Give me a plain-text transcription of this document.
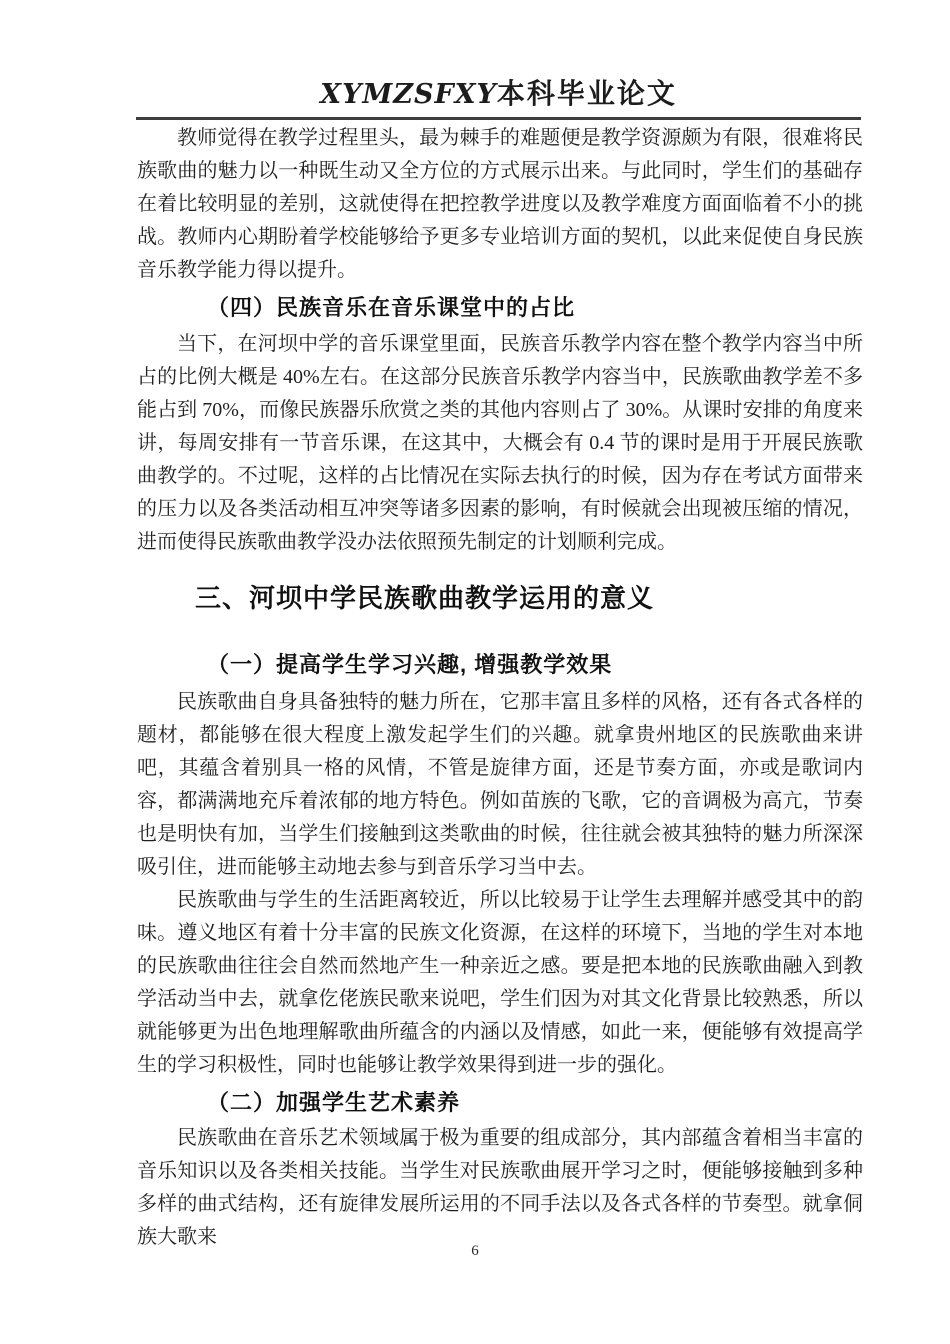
XYMZSFXY本科毕业论文

教师觉得在教学过程里头，最为棘手的难题便是教学资源颇为有限，很难将民族歌曲的魅力以一种既生动又全方位的方式展示出来。与此同时，学生们的基础存在着比较明显的差别，这就使得在把控教学进度以及教学难度方面面临着不小的挑战。教师内心期盼着学校能够给予更多专业培训方面的契机，以此来促使自身民族音乐教学能力得以提升。

（四）民族音乐在音乐课堂中的占比

当下，在河坝中学的音乐课堂里面，民族音乐教学内容在整个教学内容当中所占的比例大概是 40%左右。在这部分民族音乐教学内容当中，民族歌曲教学差不多能占到 70%，而像民族器乐欣赏之类的其他内容则占了 30%。从课时安排的角度来讲，每周安排有一节音乐课，在这其中，大概会有 0.4 节的课时是用于开展民族歌曲教学的。不过呢，这样的占比情况在实际去执行的时候，因为存在考试方面带来的压力以及各类活动相互冲突等诸多因素的影响，有时候就会出现被压缩的情况，进而使得民族歌曲教学没办法依照预先制定的计划顺利完成。

三、河坝中学民族歌曲教学运用的意义
（一）提高学生学习兴趣, 增强教学效果

民族歌曲自身具备独特的魅力所在，它那丰富且多样的风格，还有各式各样的题材，都能够在很大程度上激发起学生们的兴趣。就拿贵州地区的民族歌曲来讲吧，其蕴含着别具一格的风情，不管是旋律方面，还是节奏方面，亦或是歌词内容，都满满地充斥着浓郁的地方特色。例如苗族的飞歌，它的音调极为高亢，节奏也是明快有加，当学生们接触到这类歌曲的时候，往往就会被其独特的魅力所深深吸引住，进而能够主动地去参与到音乐学习当中去。

民族歌曲与学生的生活距离较近，所以比较易于让学生去理解并感受其中的韵味。遵义地区有着十分丰富的民族文化资源，在这样的环境下，当地的学生对本地的民族歌曲往往会自然而然地产生一种亲近之感。要是把本地的民族歌曲融入到教学活动当中去，就拿仡佬族民歌来说吧，学生们因为对其文化背景比较熟悉，所以就能够更为出色地理解歌曲所蕴含的内涵以及情感，如此一来，便能够有效提高学生的学习积极性，同时也能够让教学效果得到进一步的强化。

（二）加强学生艺术素养

民族歌曲在音乐艺术领域属于极为重要的组成部分，其内部蕴含着相当丰富的音乐知识以及各类相关技能。当学生对民族歌曲展开学习之时，便能够接触到多种多样的曲式结构，还有旋律发展所运用的不同手法以及各式各样的节奏型。就拿侗族大歌来

6
